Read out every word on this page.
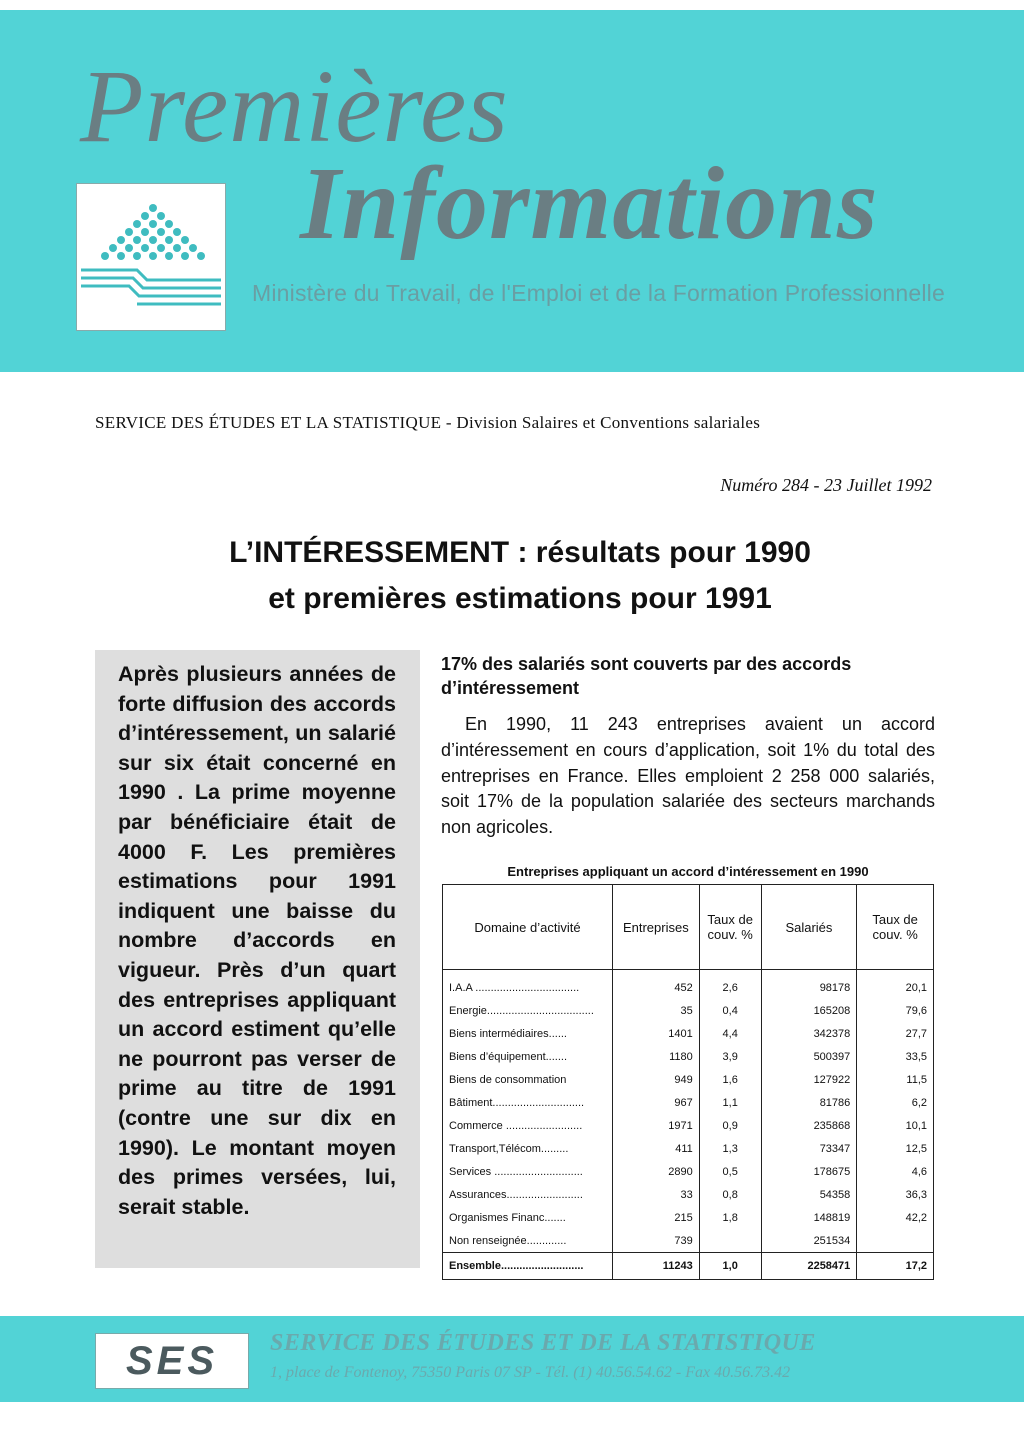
Premières
Informations
Ministère du Travail, de l'Emploi et de la Formation Professionnelle
SERVICE DES ÉTUDES ET LA STATISTIQUE - Division Salaires et Conventions salariales
Numéro 284 - 23 Juillet 1992
L’INTÉRESSEMENT : résultats pour 1990
et premières estimations pour 1991
Après plusieurs années de forte diffusion des accords d’intéressement, un salarié sur six était concerné en 1990 . La prime moyenne par bénéficiaire était de 4000 F. Les premières estimations pour 1991 indiquent une baisse du nombre d’accords en vigueur. Près d’un quart des entreprises appliquant un accord estiment qu’elle ne pourront pas verser de prime au titre de 1991 (contre une sur dix en 1990). Le montant moyen des primes versées, lui, serait stable.
17% des salariés sont couverts par des accords d’intéressement
En 1990, 11 243 entreprises avaient un accord d’intéressement en cours d’application, soit 1% du total des entreprises en France. Elles emploient 2 258 000 salariés, soit 17% de la population salariée des secteurs marchands non agricoles.
Entreprises appliquant un accord d’intéressement en 1990
Domaine d’activité	Entreprises	Taux de couv. %	Salariés	Taux de couv. %
I.A.A ..................................	452	2,6	98178	20,1
Energie...................................	35	0,4	165208	79,6
Biens intermédiaires......	1401	4,4	342378	27,7
Biens d’équipement.......	1180	3,9	500397	33,5
Biens de consommation	949	1,6	127922	11,5
Bâtiment..............................	967	1,1	81786	6,2
Commerce .........................	1971	0,9	235868	10,1
Transport,Télécom.........	411	1,3	73347	12,5
Services .............................	2890	0,5	178675	4,6
Assurances.........................	33	0,8	54358	36,3
Organismes Financ.......	215	1,8	148819	42,2
Non renseignée.............	739		251534	
Ensemble...........................	11243	1,0	2258471	17,2
SES SERVICE DES ÉTUDES ET DE LA STATISTIQUE
1, place de Fontenoy, 75350 Paris 07 SP - Tél. (1) 40.56.54.62 - Fax 40.56.73.42
